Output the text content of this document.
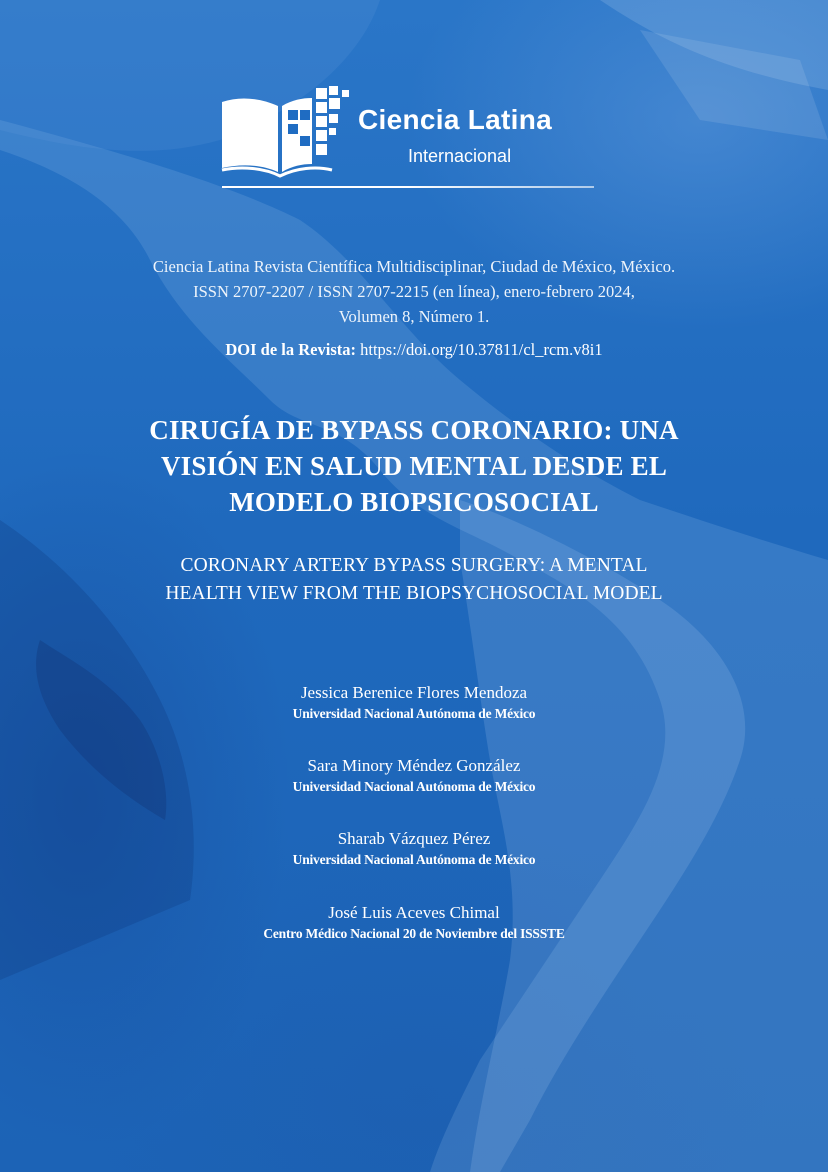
Ciencia Latina
Internacional
Ciencia Latina Revista Científica Multidisciplinar, Ciudad de México, México.
ISSN 2707-2207 / ISSN 2707-2215 (en línea), enero-febrero 2024,
Volumen 8, Número 1.
DOI de la Revista: https://doi.org/10.37811/cl_rcm.v8i1
CIRUGÍA DE BYPASS CORONARIO: UNA
VISIÓN EN SALUD MENTAL DESDE EL
MODELO BIOPSICOSOCIAL
CORONARY ARTERY BYPASS SURGERY: A MENTAL
HEALTH VIEW FROM THE BIOPSYCHOSOCIAL MODEL
Jessica Berenice Flores Mendoza
Universidad Nacional Autónoma de México
Sara Minory Méndez González
Universidad Nacional Autónoma de México
Sharab Vázquez Pérez
Universidad Nacional Autónoma de México
José Luis Aceves Chimal
Centro Médico Nacional 20 de Noviembre del ISSSTE
